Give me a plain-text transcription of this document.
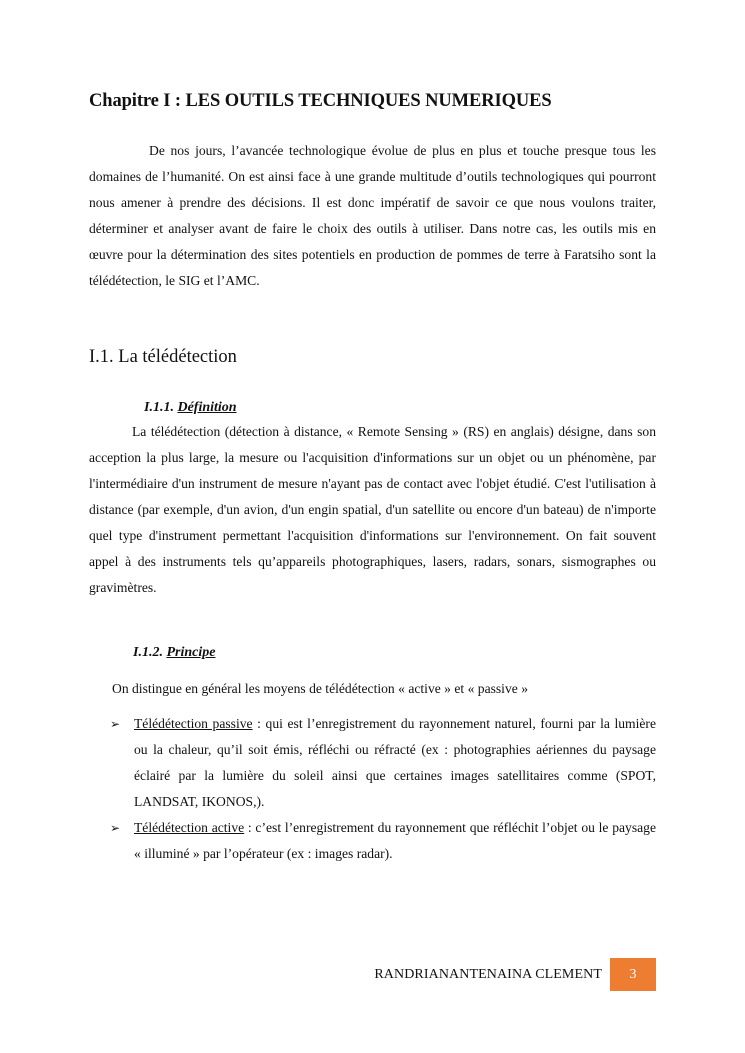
Chapitre I : LES OUTILS TECHNIQUES NUMERIQUES

De nos jours, l’avancée technologique évolue de plus en plus et touche presque tous les domaines de l’humanité. On est ainsi face à une grande multitude d’outils technologiques qui pourront nous amener à prendre des décisions. Il est donc impératif de savoir ce que nous voulons traiter, déterminer et analyser avant de faire le choix des outils à utiliser. Dans notre cas, les outils mis en œuvre pour la détermination des sites potentiels en production de pommes de terre à Faratsiho sont la télédétection, le SIG et l’AMC.

I.1. La télédétection
I.1.1. Définition

La télédétection (détection à distance, « Remote Sensing » (RS) en anglais) désigne, dans son acception la plus large, la mesure ou l'acquisition d'informations sur un objet ou un phénomène, par l'intermédiaire d'un instrument de mesure n'ayant pas de contact avec l'objet étudié. C'est l'utilisation à distance (par exemple, d'un avion, d'un engin spatial, d'un satellite ou encore d'un bateau) de n'importe quel type d'instrument permettant l'acquisition d'informations sur l'environnement. On fait souvent appel à des instruments tels qu’appareils photographiques, lasers, radars, sonars, sismographes ou gravimètres.

I.1.2. Principe

On distingue en général les moyens de télédétection « active » et « passive »

➢ Télédétection passive : qui est l’enregistrement du rayonnement naturel, fourni par la lumière ou la chaleur, qu’il soit émis, réfléchi ou réfracté (ex : photographies aériennes du paysage éclairé par la lumière du soleil ainsi que certaines images satellitaires comme (SPOT, LANDSAT, IKONOS,).
➢ Télédétection active : c’est l’enregistrement du rayonnement que réfléchit l’objet ou le paysage « illuminé » par l’opérateur (ex : images radar).
RANDRIANANTENAINA CLEMENT	3
